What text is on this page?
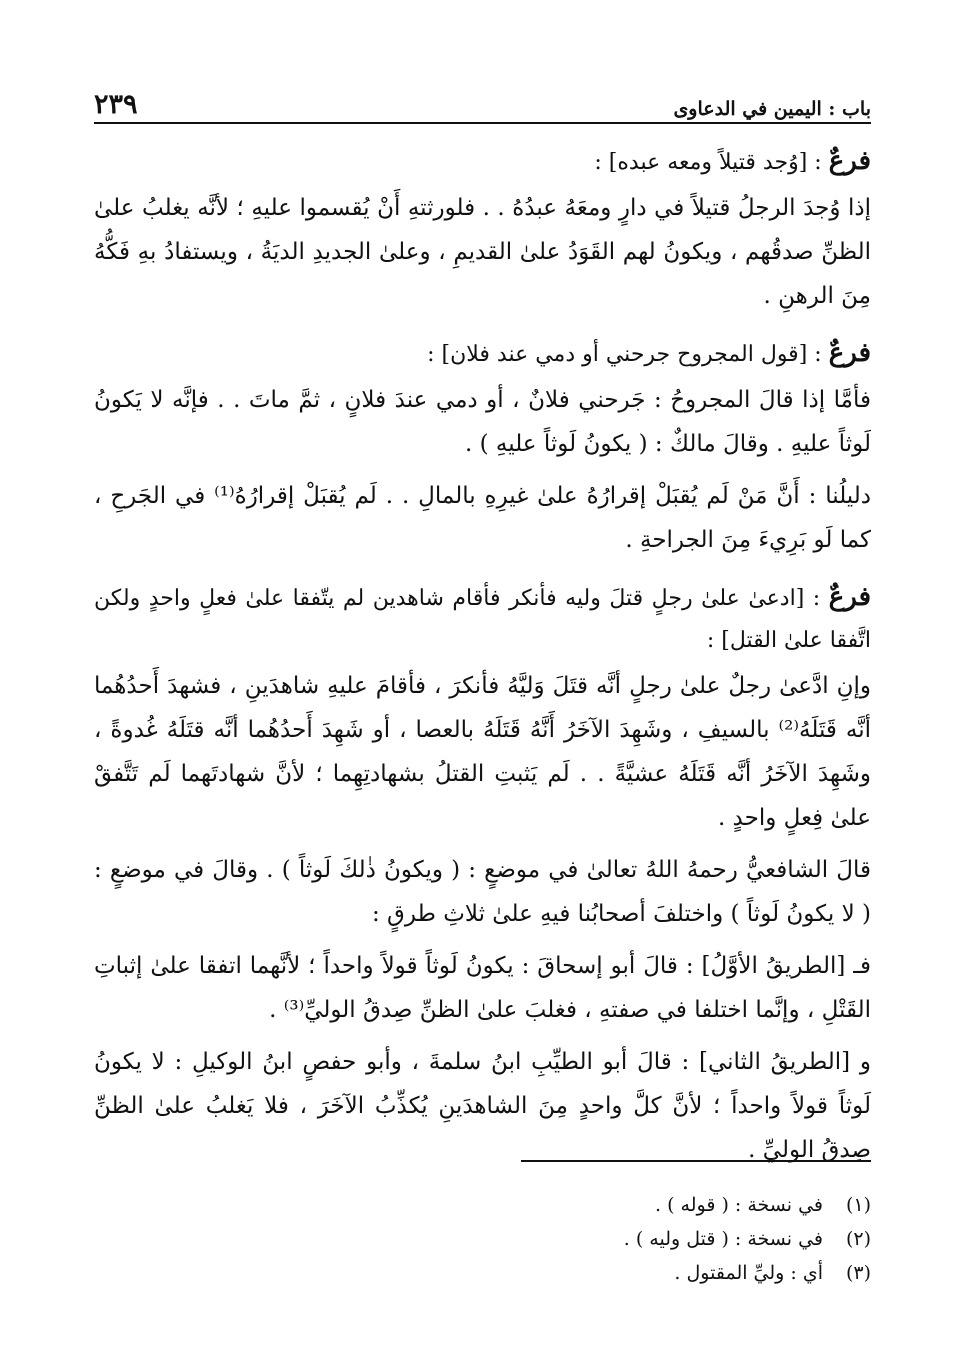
٢٣٩	باب : اليمين في الدعاوى
فرعٌ : [وُجد قتيلاً ومعه عبده] :

إذا وُجدَ الرجلُ قتيلاً في دارٍ ومعَهُ عبدُهُ . . فلورثتهِ أَنْ يُقسموا عليهِ ؛ لأنَّه يغلبُ علىٰ الظنِّ صدقُهم ، ويكونُ لهم القَوَدُ علىٰ القديمِ ، وعلىٰ الجديدِ الديَةُ ، ويستفادُ بهِ فَكُّهُ مِنَ الرهنِ .

فرعٌ : [قول المجروح جرحني أو دمي عند فلان] :

فأمَّا إذا قالَ المجروحُ : جَرحني فلانٌ ، أو دمي عندَ فلانٍ ، ثمَّ ماتَ . . فإنَّه لا يَكونُ لَوثاً عليهِ . وقالَ مالكٌ : ( يكونُ لَوثاً عليهِ ) .

دليلُنا : أَنَّ مَنْ لَم يُقبَلْ إقرارُهُ علىٰ غيرِهِ بالمالِ . . لَم يُقبَلْ إقرارُهُ⁽¹⁾ في الجَرحِ ، كما لَو بَرِيءَ مِنَ الجراحةِ .

فرعٌ : [ادعىٰ علىٰ رجلٍ قتلَ وليه فأنكر فأقام شاهدين لم يتّفقا علىٰ فعلٍ واحدٍ ولكن اتَّفقا علىٰ القتل] :

وإنِ ادَّعىٰ رجلٌ علىٰ رجلٍ أنَّه قتَلَ وَليَّهُ فأنكرَ ، فأقامَ عليهِ شاهدَينِ ، فشهدَ أَحدُهُما أنَّه قَتَلَهُ⁽²⁾ بالسيفِ ، وشَهِدَ الآخَرُ أَنَّهُ قَتَلَهُ بالعصا ، أو شَهِدَ أَحدُهُما أنَّه قتَلَهُ غُدوةً ، وشَهِدَ الآخَرُ أنَّه قَتَلَهُ عشيَّةً . . لَم يَثبتِ القتلُ بشهادتِهِما ؛ لأنَّ شهادتَهما لَم تَتَّفقْ علىٰ فِعلٍ واحدٍ .

قالَ الشافعيُّ رحمهُ اللهُ تعالىٰ في موضعٍ : ( ويكونُ ذٰلكَ لَوثاً ) . وقالَ في موضعٍ : ( لا يكونُ لَوثاً ) واختلفَ أصحابُنا فيهِ علىٰ ثلاثِ طرقٍ :

فـ [الطريقُ الأوَّلُ] : قالَ أبو إسحاقَ : يكونُ لَوثاً قولاً واحداً ؛ لأنَّهما اتفقا علىٰ إثباتِ القَتْلِ ، وإنَّما اختلفا في صفتهِ ، فغلبَ علىٰ الظنِّ صِدقُ الوليِّ⁽³⁾ .

و [الطريقُ الثاني] : قالَ أبو الطيِّبِ ابنُ سلمةَ ، وأبو حفصٍ ابنُ الوكيلِ : لا يكونُ لَوثاً قولاً واحداً ؛ لأنَّ كلَّ واحدٍ مِنَ الشاهدَينِ يُكذِّبُ الآخَرَ ، فلا يَغلبُ علىٰ الظنِّ صِدقُ الوليِّ .

(١)
في نسخة : ( قوله ) .
(٢)
في نسخة : ( قتل وليه ) .
(٣)
أي : وليِّ المقتول .
